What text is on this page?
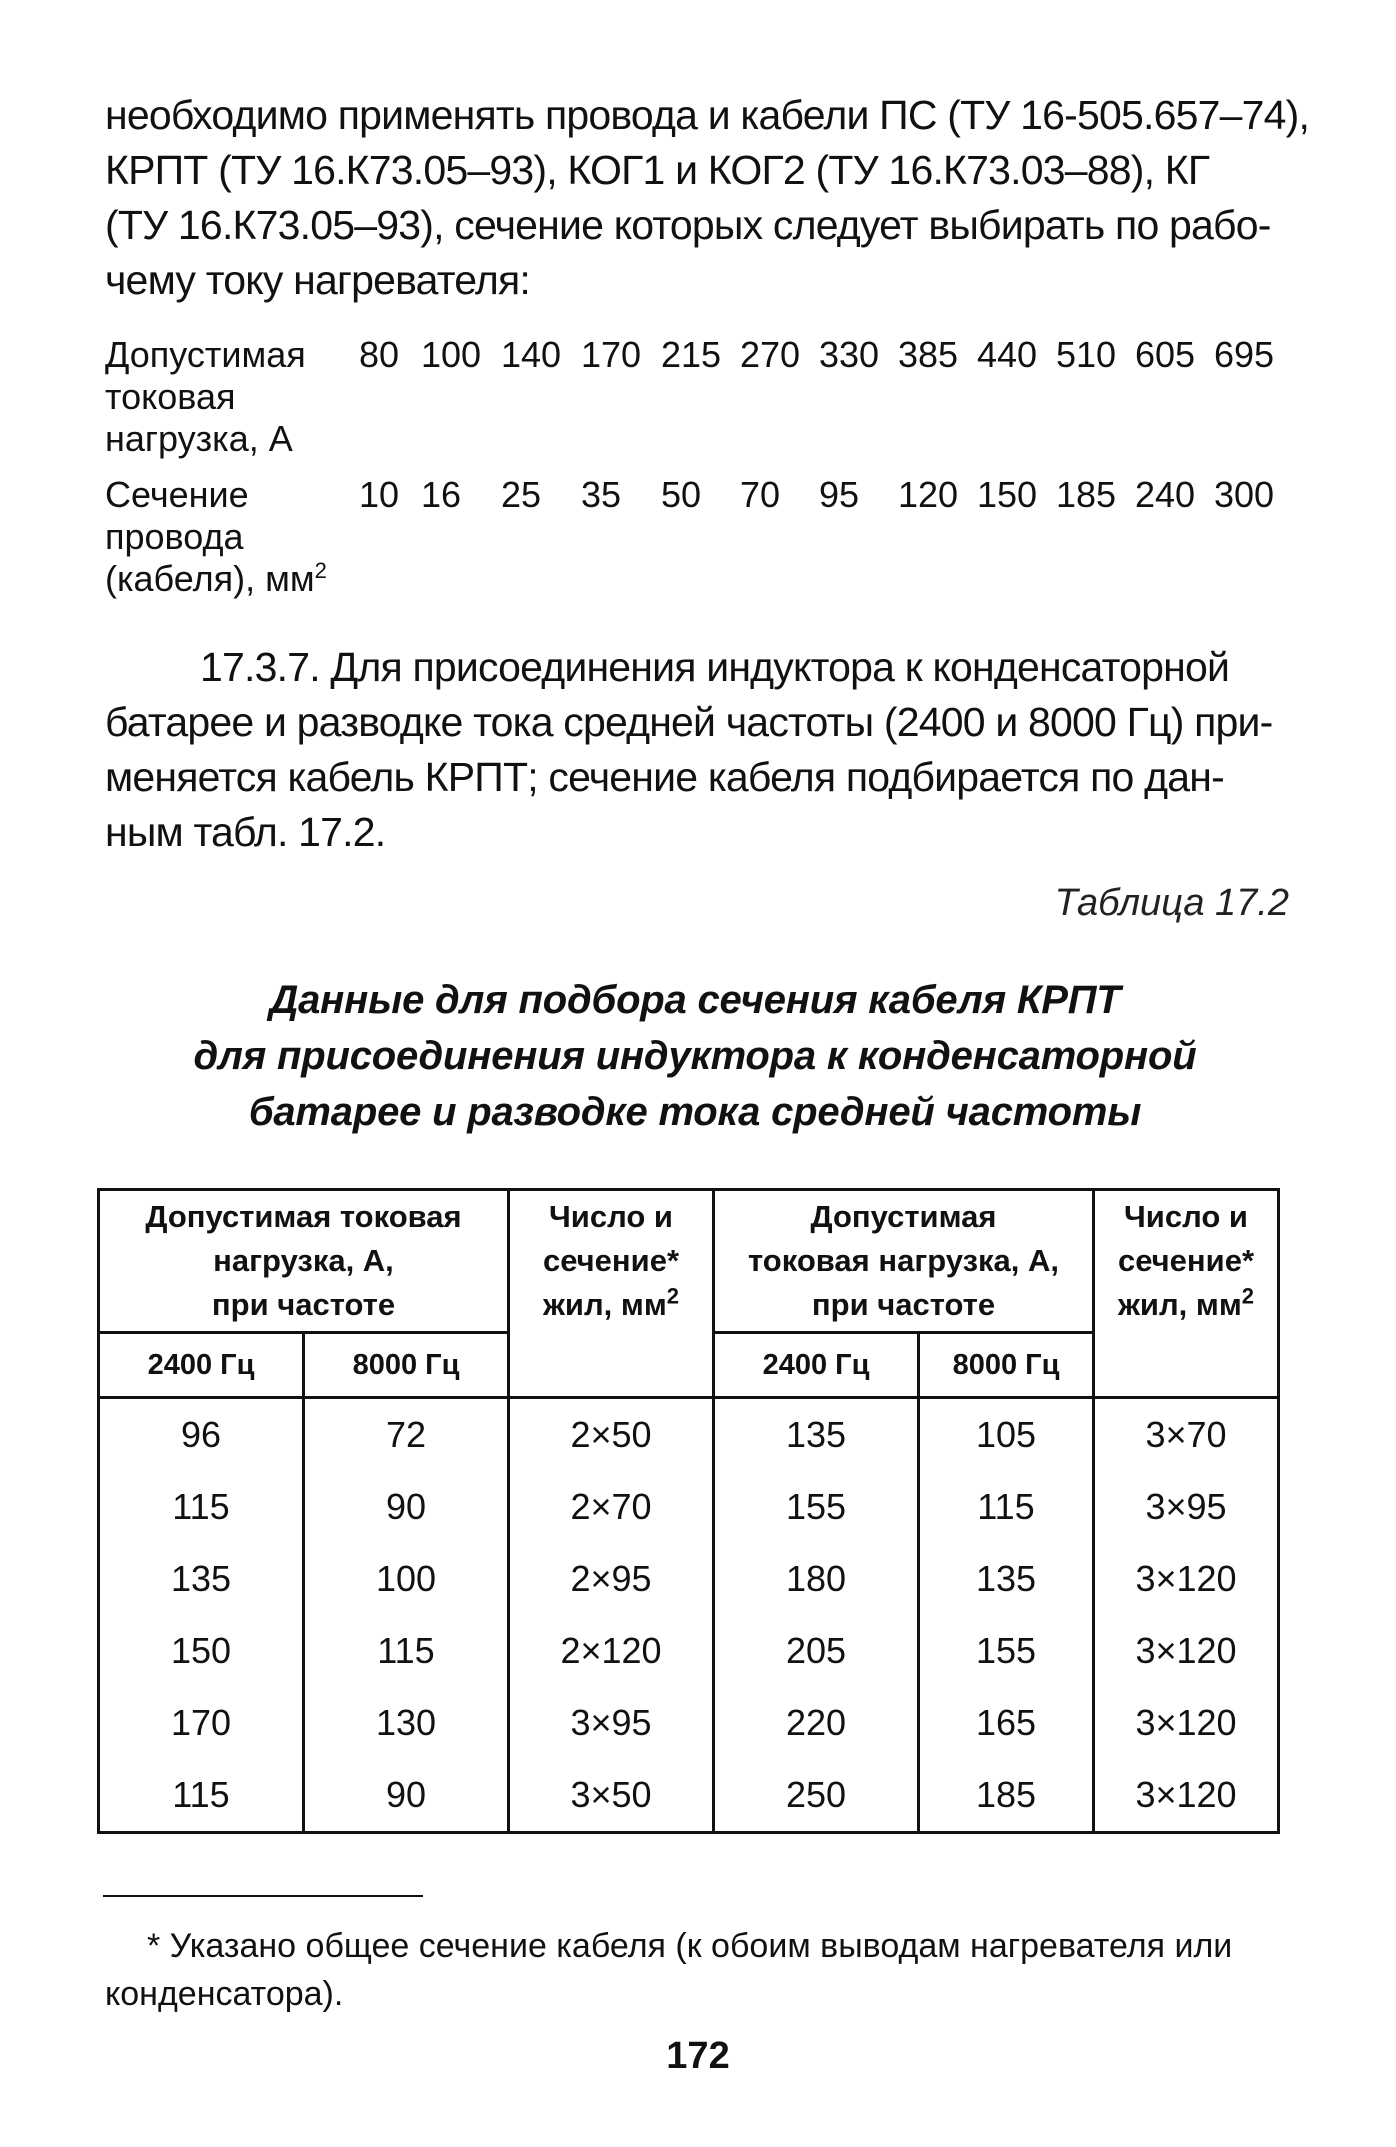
необходимо применять провода и кабели ПС (ТУ 16-505.657–74),
КРПТ (ТУ 16.К73.05–93), КОГ1 и КОГ2 (ТУ 16.К73.03–88), КГ
(ТУ 16.К73.05–93), сечение которых следует выбирать по рабо-
чему току нагревателя:

Допустимая
токовая
нагрузка, А
80 100 140 170 215 270 330 385 440 510 605 695
Сечение
провода
(кабеля), $мм^2$
10 16 25 35 50 70 95 120 150 185 240 300

17.3.7. Для присоединения индуктора к конденсаторной
батарее и разводке тока средней частоты (2400 и 8000 Гц) при-
меняется кабель КРПТ; сечение кабеля подбирается по дан-
ным табл. 17.2.

Таблица 17.2
Данные для подбора сечения кабеля КРПТ
для присоединения индуктора к конденсаторной
батарее и разводке тока средней частоты
Допустимая токовая
нагрузка, А,
при частоте		Число и
сечение*
жил, $мм^2$	Допустимая
токовая нагрузка, А,
при частоте		Число и
сечение*
жил, $мм^2$

2400 Гц	8000 Гц		2400 Гц	8000 Гц	
96	72	2×50	135	105	3×70
115	90	2×70	155	115	3×95
135	100	2×95	180	135	3×120
150	115	2×120	205	155	3×120
170	130	3×95	220	165	3×120
115	90	3×50	250	185	3×120

* Указано общее сечение кабеля (к обоим выводам нагревателя или
конденсатора).

172
